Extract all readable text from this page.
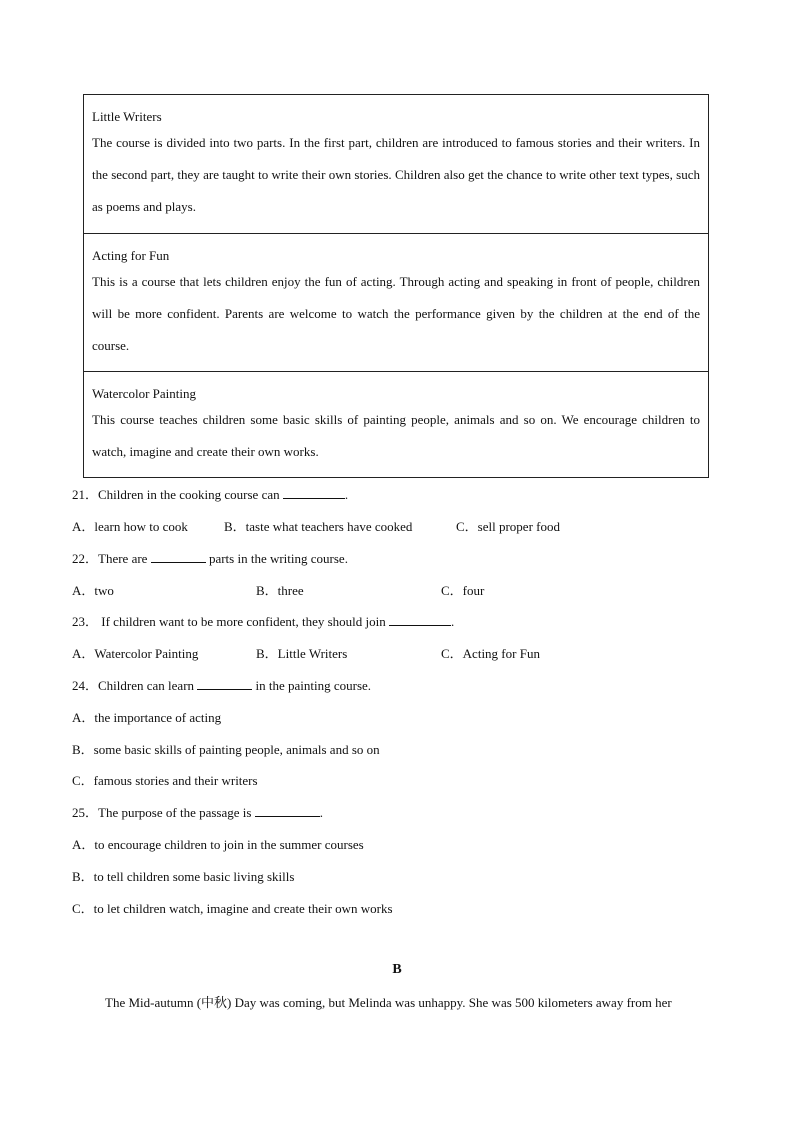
Little Writers
The course is divided into two parts. In the first part, children are introduced to famous stories and their writers. In the second part, they are taught to write their own stories. Children also get the chance to write other text types, such as poems and plays.
Acting for Fun
This is a course that lets children enjoy the fun of acting. Through acting and speaking in front of people, children will be more confident. Parents are welcome to watch the performance given by the children at the end of the course.
Watercolor Painting
This course teaches children some basic skills of painting people, animals and so on. We encourage children to watch, imagine and create their own works.
21．Children in the cooking course can	.
A．learn how to cook	B．taste what teachers have cooked	C．sell proper food
22．There are	parts in the writing course.
A．two	B．three	C．four
23． If children want to be more confident, they should join	.
A．Watercolor Painting	B．Little Writers	C．Acting for Fun
24．Children can learn	in the painting course.
A．the importance of acting
B．some basic skills of painting people, animals and so on
C．famous stories and their writers
25．The purpose of the passage is	.
A．to encourage children to join in the summer courses
B．to tell children some basic living skills
C．to let children watch, imagine and create their own works
B
The Mid-autumn (中秋) Day was coming, but Melinda was unhappy. She was 500 kilometers away from her
